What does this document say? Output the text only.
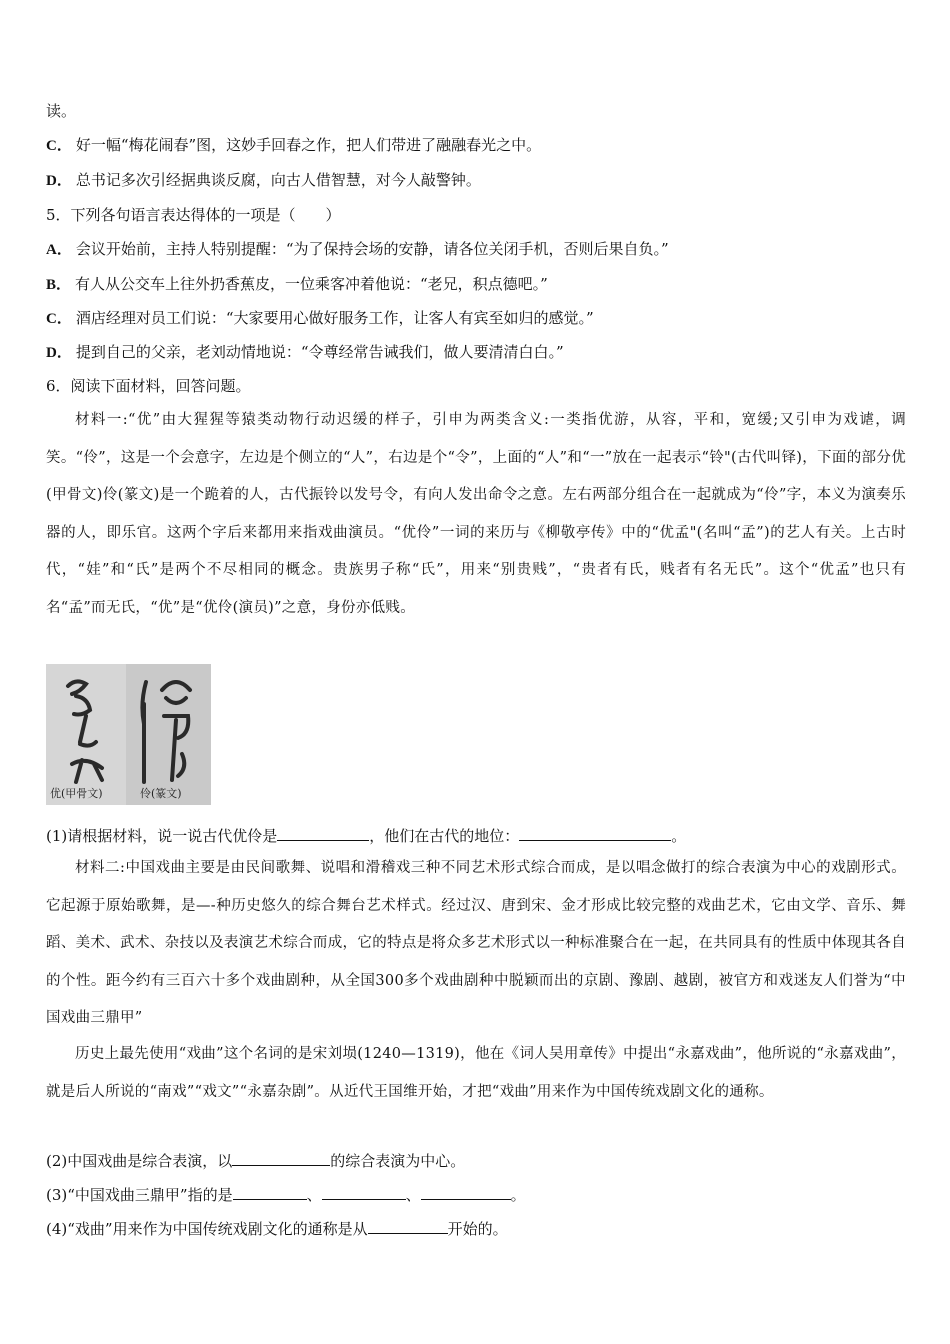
读。
C． 好一幅“梅花闹春”图，这妙手回春之作，把人们带进了融融春光之中。
D． 总书记多次引经据典谈反腐，向古人借智慧，对今人敲警钟。
5．下列各句语言表达得体的一项是（　　）
A． 会议开始前，主持人特别提醒：“为了保持会场的安静，请各位关闭手机，否则后果自负。”
B． 有人从公交车上往外扔香蕉皮，一位乘客冲着他说：“老兄，积点德吧。”
C． 酒店经理对员工们说：“大家要用心做好服务工作，让客人有宾至如归的感觉。”
D． 提到自己的父亲，老刘动情地说：“令尊经常告诫我们，做人要清清白白。”
6．阅读下面材料，回答问题。
材料一:“优”由大猩猩等猿类动物行动迟缓的样子，引申为两类含义:一类指优游，从容，平和，宽缓;又引申为戏谑，调笑。“伶”，这是一个会意字，左边是个侧立的“人”，右边是个“令”，上面的“人”和“一”放在一起表示“铃"(古代叫铎)，下面的部分优(甲骨文)伶(篆文)是一个跪着的人，古代振铃以发号令，有向人发出命令之意。左右两部分组合在一起就成为“伶”字，本义为演奏乐器的人，即乐官。这两个字后来都用来指戏曲演员。“优伶”一词的来历与《柳敬亭传》中的“优孟"(名叫“孟”)的艺人有关。上古时代，“娃”和“氏”是两个不尽相同的概念。贵族男子称“氏”，用来“别贵贱”，“贵者有氏，贱者有名无氏”。这个“优孟”也只有名“孟”而无氏，“优”是“优伶(演员)”之意，身份亦低贱。
优(甲骨文)	伶(篆文)
(1)请根据材料，说一说古代优伶是	，他们在古代的地位：	。
材料二:中国戏曲主要是由民间歌舞、说唱和滑稽戏三种不同艺术形式综合而成，是以唱念做打的综合表演为中心的戏剧形式。它起源于原始歌舞，是—-种历史悠久的综合舞台艺术样式。经过汉、唐到宋、金才形成比较完整的戏曲艺术，它由文学、音乐、舞蹈、美术、武术、杂技以及表演艺术综合而成，它的特点是将众多艺术形式以一种标准聚合在一起，在共同具有的性质中体现其各自的个性。距今约有三百六十多个戏曲剧种，从全国300多个戏曲剧种中脱颖而出的京剧、豫剧、越剧，被官方和戏迷友人们誉为“中国戏曲三鼎甲”
历史上最先使用“戏曲”这个名词的是宋刘埙(1240—1319)，他在《词人吴用章传》中提出“永嘉戏曲”，他所说的“永嘉戏曲”，就是后人所说的“南戏”“戏文”“永嘉杂剧”。从近代王国维开始，才把“戏曲”用来作为中国传统戏剧文化的通称。
(2)中国戏曲是综合表演，以	的综合表演为中心。
(3)“中国戏曲三鼎甲”指的是	、	、	。
(4)“戏曲”用来作为中国传统戏剧文化的通称是从	开始的。
